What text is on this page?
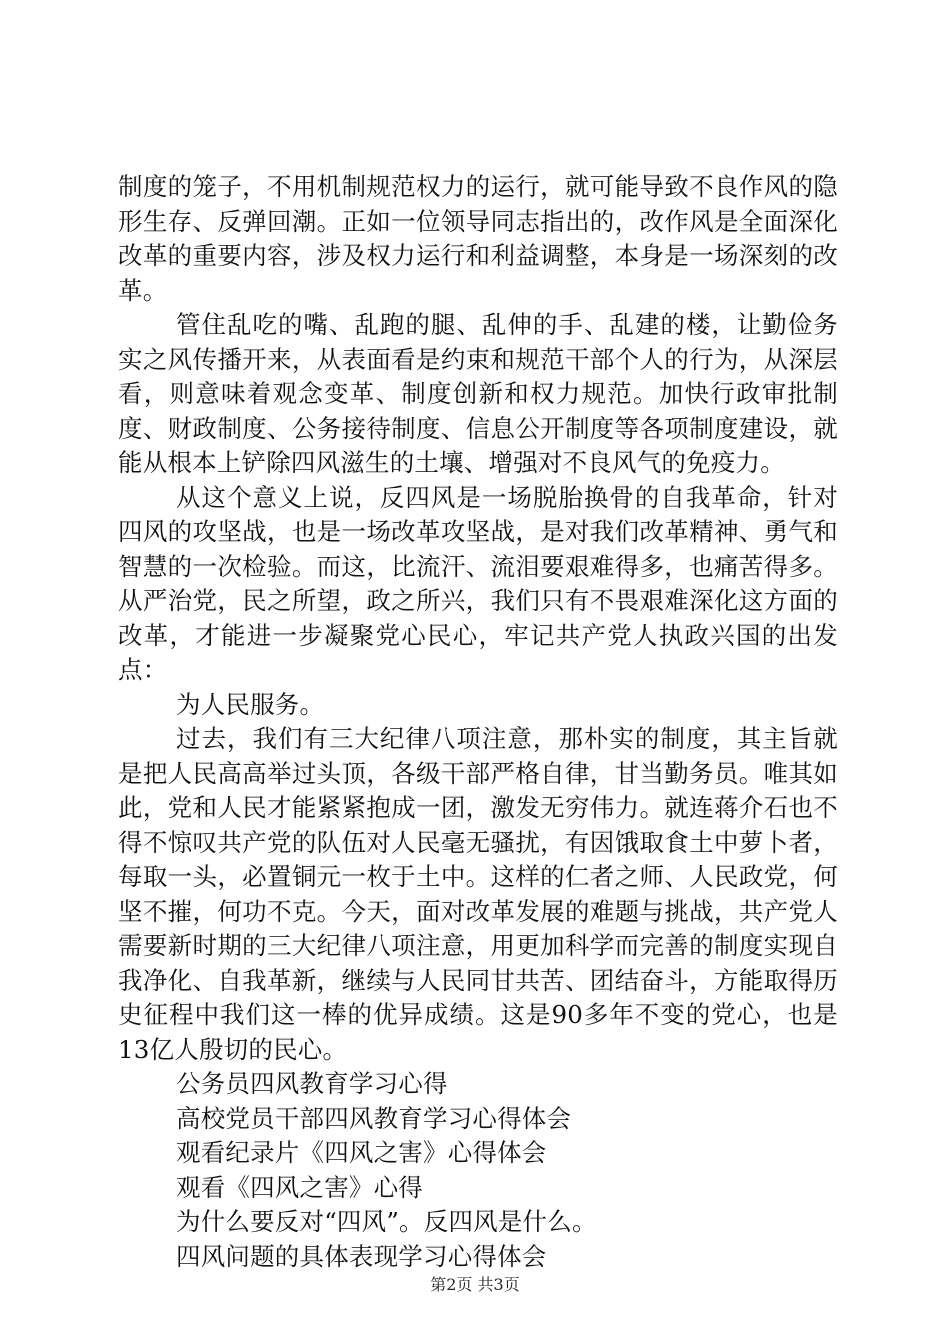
制度的笼子，不用机制规范权力的运行，就可能导致不良作风的隐形生存、反弹回潮。正如一位领导同志指出的，改作风是全面深化改革的重要内容，涉及权力运行和利益调整，本身是一场深刻的改革。

管住乱吃的嘴、乱跑的腿、乱伸的手、乱建的楼，让勤俭务实之风传播开来，从表面看是约束和规范干部个人的行为，从深层看，则意味着观念变革、制度创新和权力规范。加快行政审批制度、财政制度、公务接待制度、信息公开制度等各项制度建设，就能从根本上铲除四风滋生的土壤、增强对不良风气的免疫力。

从这个意义上说，反四风是一场脱胎换骨的自我革命，针对四风的攻坚战，也是一场改革攻坚战，是对我们改革精神、勇气和智慧的一次检验。而这，比流汗、流泪要艰难得多，也痛苦得多。从严治党，民之所望，政之所兴，我们只有不畏艰难深化这方面的改革，才能进一步凝聚党心民心，牢记共产党人执政兴国的出发点：

为人民服务。

过去，我们有三大纪律八项注意，那朴实的制度，其主旨就是把人民高高举过头顶，各级干部严格自律，甘当勤务员。唯其如此，党和人民才能紧紧抱成一团，激发无穷伟力。就连蒋介石也不得不惊叹共产党的队伍对人民毫无骚扰，有因饿取食土中萝卜者，每取一头，必置铜元一枚于土中。这样的仁者之师、人民政党，何坚不摧，何功不克。今天，面对改革发展的难题与挑战，共产党人需要新时期的三大纪律八项注意，用更加科学而完善的制度实现自我净化、自我革新，继续与人民同甘共苦、团结奋斗，方能取得历史征程中我们这一棒的优异成绩。这是90多年不变的党心，也是13亿人殷切的民心。

公务员四风教育学习心得

高校党员干部四风教育学习心得体会

观看纪录片《四风之害》心得体会

观看《四风之害》心得

为什么要反对“四风”。反四风是什么。

四风问题的具体表现学习心得体会

第2页 共3页
